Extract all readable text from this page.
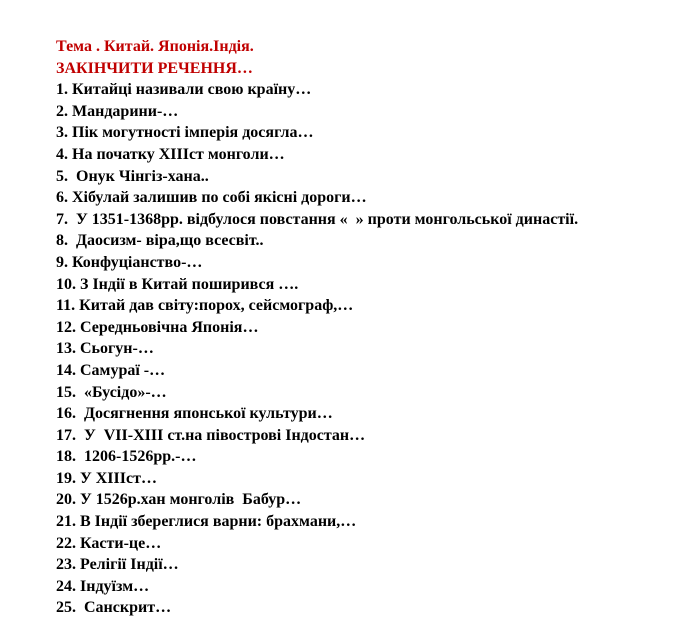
Тема . Китай. Японія.Індія.
ЗАКІНЧИТИ РЕЧЕННЯ…
1. Китайці називали свою країну…
2. Мандарини-…
3. Пік могутності імперія досягла…
4. На початку ХІІІст монголи…
5.  Онук Чінгіз-хана..
6. Хібулай залишив по собі якісні дороги…
7.  У 1351-1368рр. відбулося повстання «  » проти монгольської династії.
8.  Даосизм- віра,що всесвіт..
9. Конфуціанство-…
10. З Індії в Китай поширився ….
11. Китай дав світу:порох, сейсмограф,…
12. Середньовічна Японія…
13. Сьогун-…
14. Самураї -…
15.  «Бусідо»-…
16.  Досягнення японської культури…
17.  У  VII-XIII ст.на півострові Індостан…
18.  1206-1526рр.-…
19. У ХІІІст…
20. У 1526р.хан монголів  Бабур…
21. В Індії збереглися варни: брахмани,…
22. Касти-це…
23. Релігії Індії…
24. Індуїзм…
25.  Санскрит…
